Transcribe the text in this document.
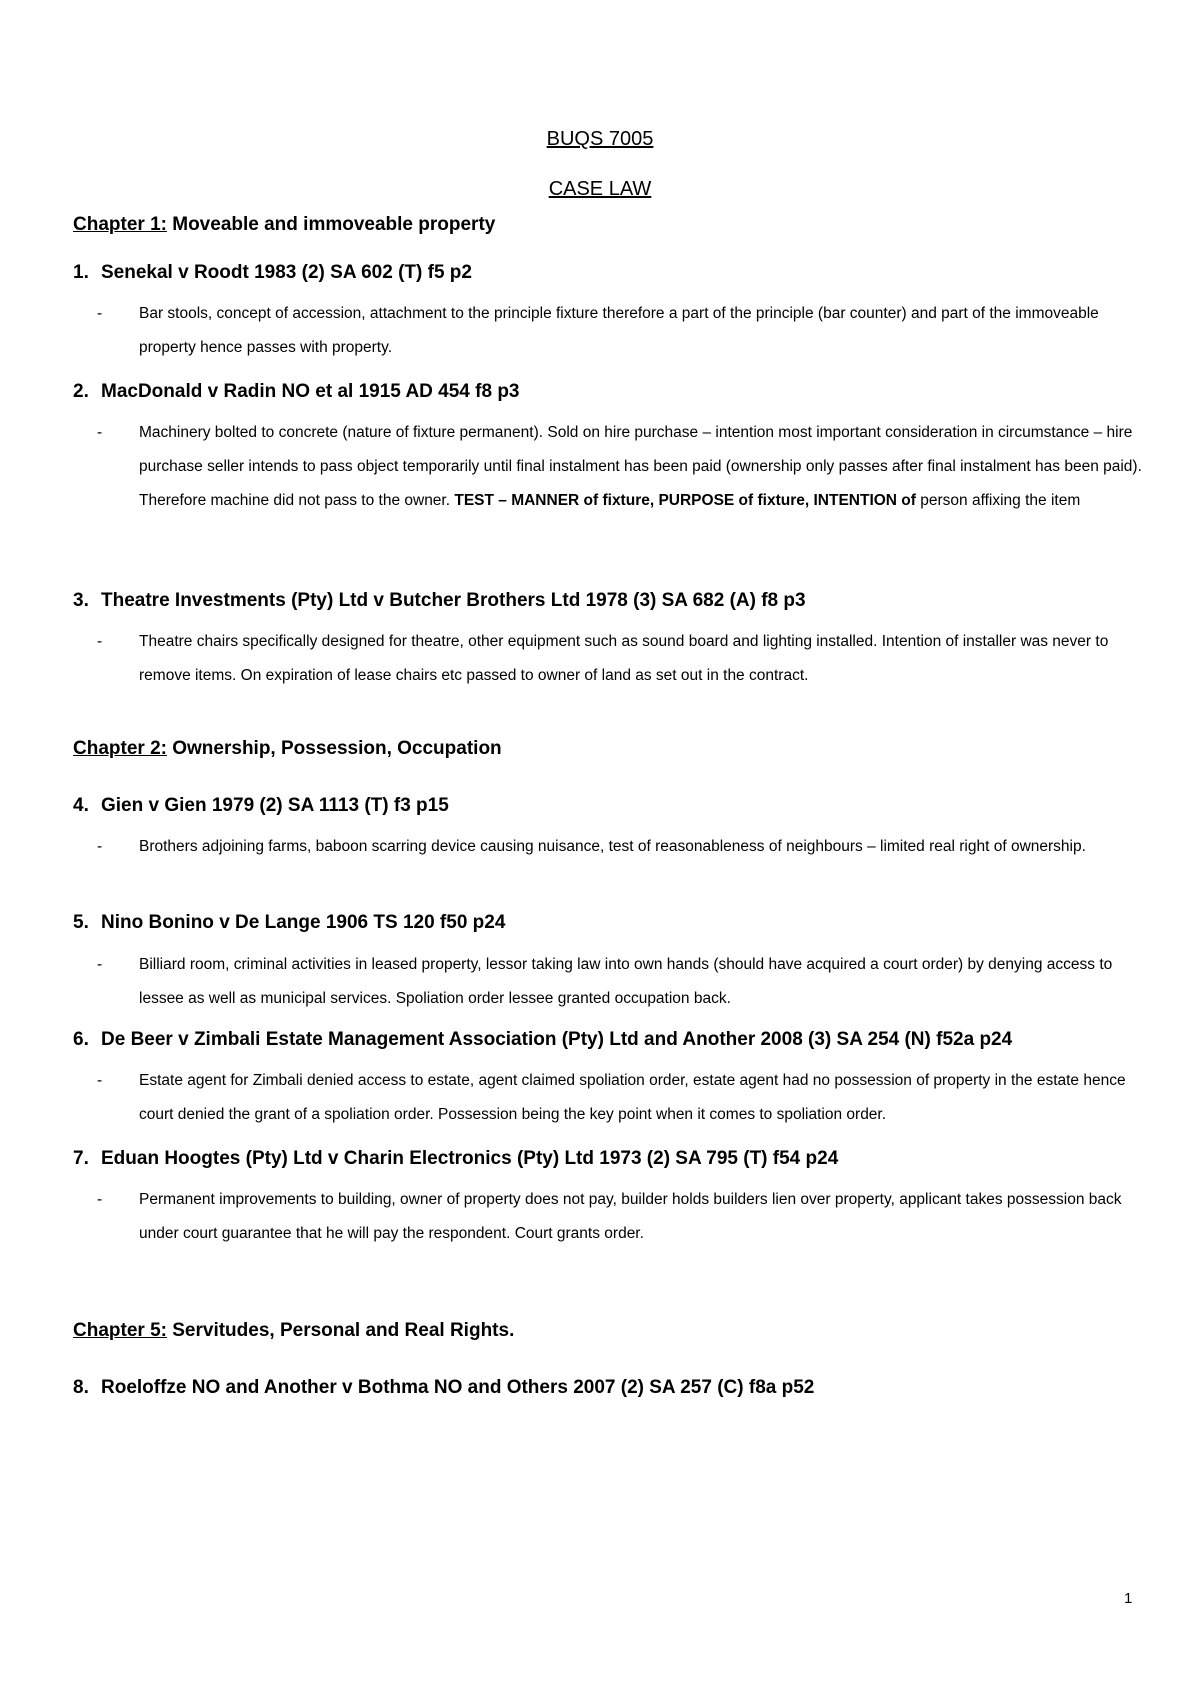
BUQS 7005
CASE LAW
Chapter 1: Moveable and immoveable property
1. Senekal v Roodt 1983 (2) SA 602 (T) f5 p2
- Bar stools, concept of accession, attachment to the principle fixture therefore a part of the principle (bar counter) and part of the immoveable property hence passes with property.
2. MacDonald v Radin NO et al 1915 AD 454 f8 p3
- Machinery bolted to concrete (nature of fixture permanent). Sold on hire purchase – intention most important consideration in circumstance – hire purchase seller intends to pass object temporarily until final instalment has been paid (ownership only passes after final instalment has been paid). Therefore machine did not pass to the owner. TEST – MANNER of fixture, PURPOSE of fixture, INTENTION of person affixing the item
3. Theatre Investments (Pty) Ltd v Butcher Brothers Ltd 1978 (3) SA 682 (A) f8 p3
- Theatre chairs specifically designed for theatre, other equipment such as sound board and lighting installed. Intention of installer was never to remove items. On expiration of lease chairs etc passed to owner of land as set out in the contract.
Chapter 2: Ownership, Possession, Occupation
4. Gien v Gien 1979 (2) SA 1113 (T) f3 p15
- Brothers adjoining farms, baboon scarring device causing nuisance, test of reasonableness of neighbours – limited real right of ownership.
5. Nino Bonino v De Lange 1906 TS 120 f50 p24
- Billiard room, criminal activities in leased property, lessor taking law into own hands (should have acquired a court order) by denying access to lessee as well as municipal services. Spoliation order lessee granted occupation back.
6. De Beer v Zimbali Estate Management Association (Pty) Ltd and Another 2008 (3) SA 254 (N) f52a p24
- Estate agent for Zimbali denied access to estate, agent claimed spoliation order, estate agent had no possession of property in the estate hence court denied the grant of a spoliation order. Possession being the key point when it comes to spoliation order.
7. Eduan Hoogtes (Pty) Ltd v Charin Electronics (Pty) Ltd 1973 (2) SA 795 (T) f54 p24
- Permanent improvements to building, owner of property does not pay, builder holds builders lien over property, applicant takes possession back under court guarantee that he will pay the respondent. Court grants order.
Chapter 5: Servitudes, Personal and Real Rights.
8. Roeloffze NO and Another v Bothma NO and Others 2007 (2) SA 257 (C) f8a p52
1
